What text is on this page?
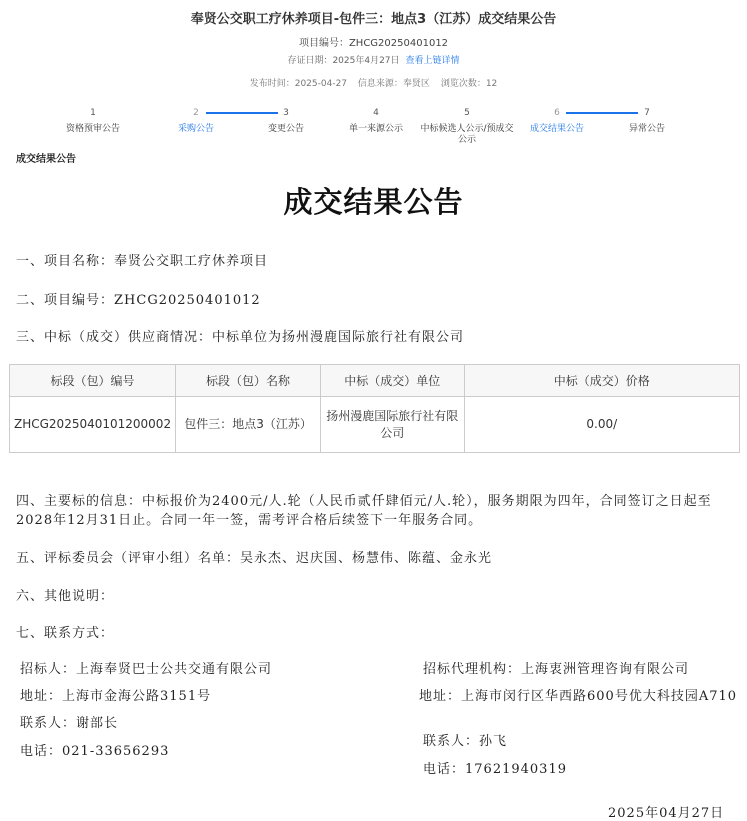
奉贤公交职工疗休养项目-包件三：地点3（江苏）成交结果公告
项目编号：ZHCG20250401012
存证日期：2025年4月27日 查看上链详情
发布时间：2025-04-27 信息来源：奉贤区 浏览次数：12
1
资格预审公告
2
采购公告
3
变更公告
4
单一来源公示
5
中标候选人公示/预成交公示
6
成交结果公告
7
异常公告
成交结果公告
成交结果公告
一、项目名称：奉贤公交职工疗休养项目
二、项目编号：ZHCG20250401012
三、中标（成交）供应商情况：中标单位为扬州漫鹿国际旅行社有限公司
标段（包）编号	标段（包）名称	中标（成交）单位	中标（成交）价格
ZHCG2025040101200002	包件三：地点3（江苏）	扬州漫鹿国际旅行社有限公司	0.00/
四、主要标的信息：中标报价为2400元/人.轮（人民币贰仟肆佰元/人.轮），服务期限为四年，合同签订之日起至2028年12月31日止。合同一年一签，需考评合格后续签下一年服务合同。
五、评标委员会（评审小组）名单：吴永杰、迟庆国、杨慧伟、陈蕴、金永光
六、其他说明：
七、联系方式：
招标人：上海奉贤巴士公共交通有限公司
地址：上海市金海公路3151号
联系人：谢部长
电话：021-33656293
招标代理机构：上海衷洲管理咨询有限公司
地址：上海市闵行区华西路600号优大科技园A710
联系人：孙飞
电话：17621940319
2025年04月27日
